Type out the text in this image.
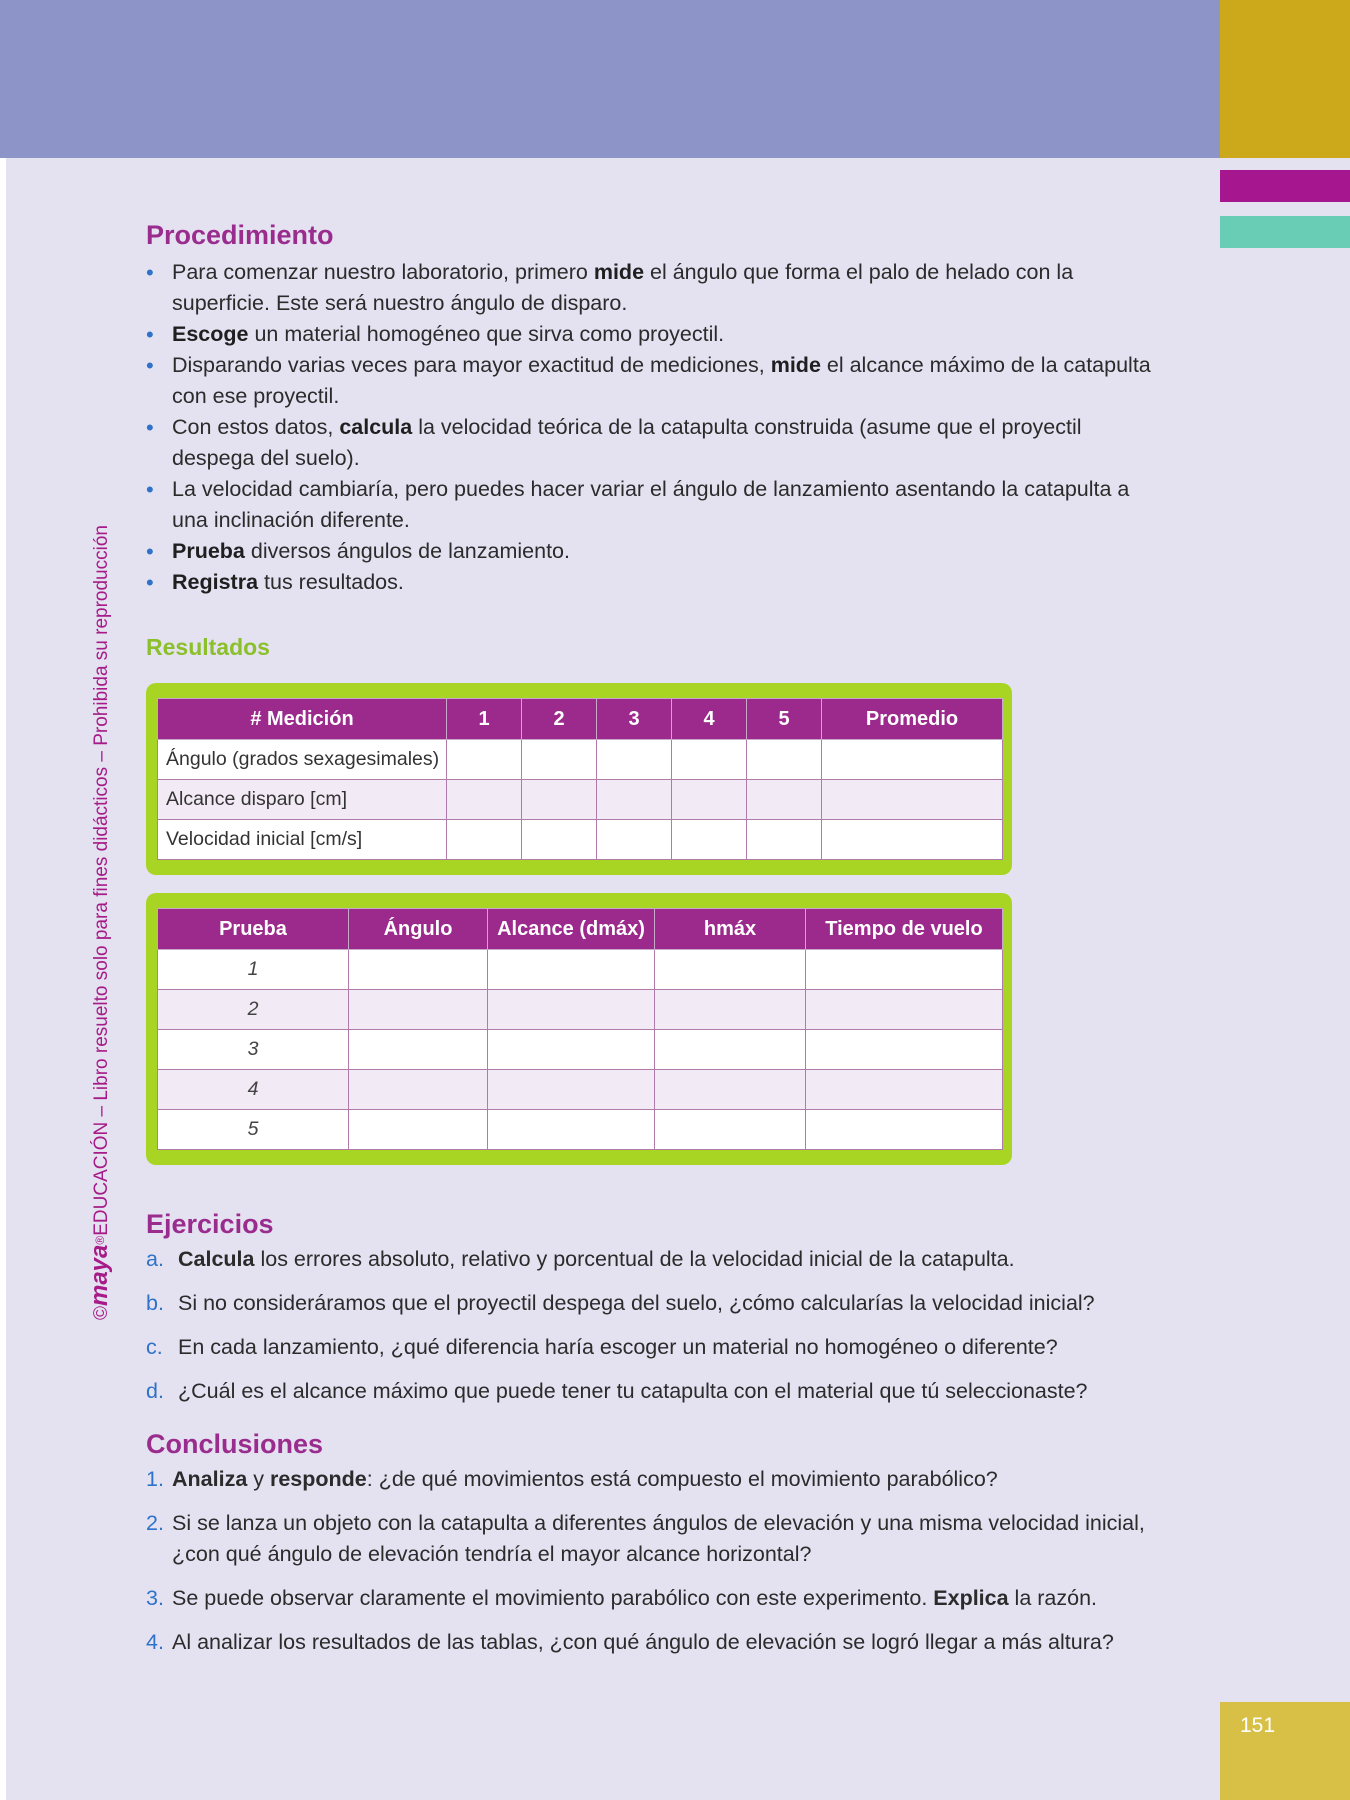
©maya®EDUCACIÓN – Libro resuelto solo para fines didácticos – Prohibida su reproducción
151
Procedimiento
• Para comenzar nuestro laboratorio, primero mide el ángulo que forma el palo de helado con la superficie. Este será nuestro ángulo de disparo.
• Escoge un material homogéneo que sirva como proyectil.
• Disparando varias veces para mayor exactitud de mediciones, mide el alcance máximo de la catapulta con ese proyectil.
• Con estos datos, calcula la velocidad teórica de la catapulta construida (asume que el proyectil despega del suelo).
• La velocidad cambiaría, pero puedes hacer variar el ángulo de lanzamiento asentando la catapulta a una inclinación diferente.
• Prueba diversos ángulos de lanzamiento.
• Registra tus resultados.
Resultados
# Medición	1	2	3	4	5	Promedio
Ángulo (grados sexagesimales)						
Alcance disparo [cm]						
Velocidad inicial [cm/s]						
Prueba	Ángulo	Alcance (dmáx)	hmáx	Tiempo de vuelo
1				
2				
3				
4				
5				
Ejercicios
a. Calcula los errores absoluto, relativo y porcentual de la velocidad inicial de la catapulta.
b. Si no consideráramos que el proyectil despega del suelo, ¿cómo calcularías la velocidad inicial?
c. En cada lanzamiento, ¿qué diferencia haría escoger un material no homogéneo o diferente?
d. ¿Cuál es el alcance máximo que puede tener tu catapulta con el material que tú seleccionaste?
Conclusiones
1. Analiza y responde: ¿de qué movimientos está compuesto el movimiento parabólico?
2. Si se lanza un objeto con la catapulta a diferentes ángulos de elevación y una misma velocidad inicial, ¿con qué ángulo de elevación tendría el mayor alcance horizontal?
3. Se puede observar claramente el movimiento parabólico con este experimento. Explica la razón.
4. Al analizar los resultados de las tablas, ¿con qué ángulo de elevación se logró llegar a más altura?
